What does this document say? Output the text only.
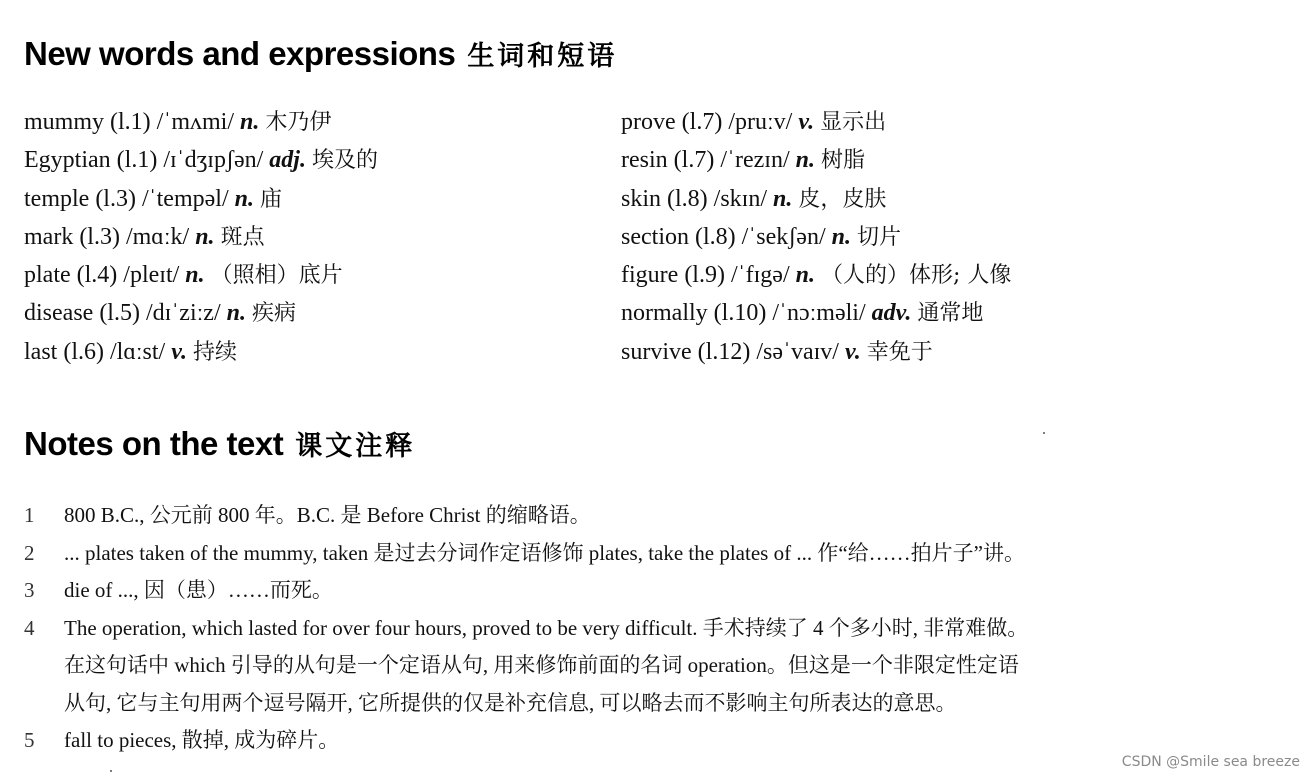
New words and expressions 生词和短语
mummy (l.1) /ˈmʌmi/ n. 木乃伊
Egyptian (l.1) /ɪˈdʒɪpʃən/ adj. 埃及的
temple (l.3) /ˈtempəl/ n. 庙
mark (l.3) /mɑːk/ n. 斑点
plate (l.4) /pleɪt/ n. （照相）底片
disease (l.5) /dɪˈziːz/ n. 疾病
last (l.6) /lɑːst/ v. 持续
prove (l.7) /pruːv/ v. 显示出
resin (l.7) /ˈrezɪn/ n. 树脂
skin (l.8) /skɪn/ n. 皮，皮肤
section (l.8) /ˈsekʃən/ n. 切片
figure (l.9) /ˈfɪgə/ n. （人的）体形; 人像
normally (l.10) /ˈnɔːməli/ adv. 通常地
survive (l.12) /səˈvaɪv/ v. 幸免于
Notes on the text 课文注释
1	800 B.C., 公元前 800 年。B.C. 是 Before Christ 的缩略语。
2	... plates taken of the mummy, taken 是过去分词作定语修饰 plates, take the plates of ... 作“给……拍片子”讲。
3	die of ..., 因（患）……而死。
4	The operation, which lasted for over four hours, proved to be very difficult. 手术持续了 4 个多小时, 非常难做。
在这句话中 which 引导的从句是一个定语从句, 用来修饰前面的名词 operation。但这是一个非限定性定语
从句, 它与主句用两个逗号隔开, 它所提供的仅是补充信息, 可以略去而不影响主句所表达的意思。
5	fall to pieces, 散掉, 成为碎片。
CSDN @Smile sea breeze
